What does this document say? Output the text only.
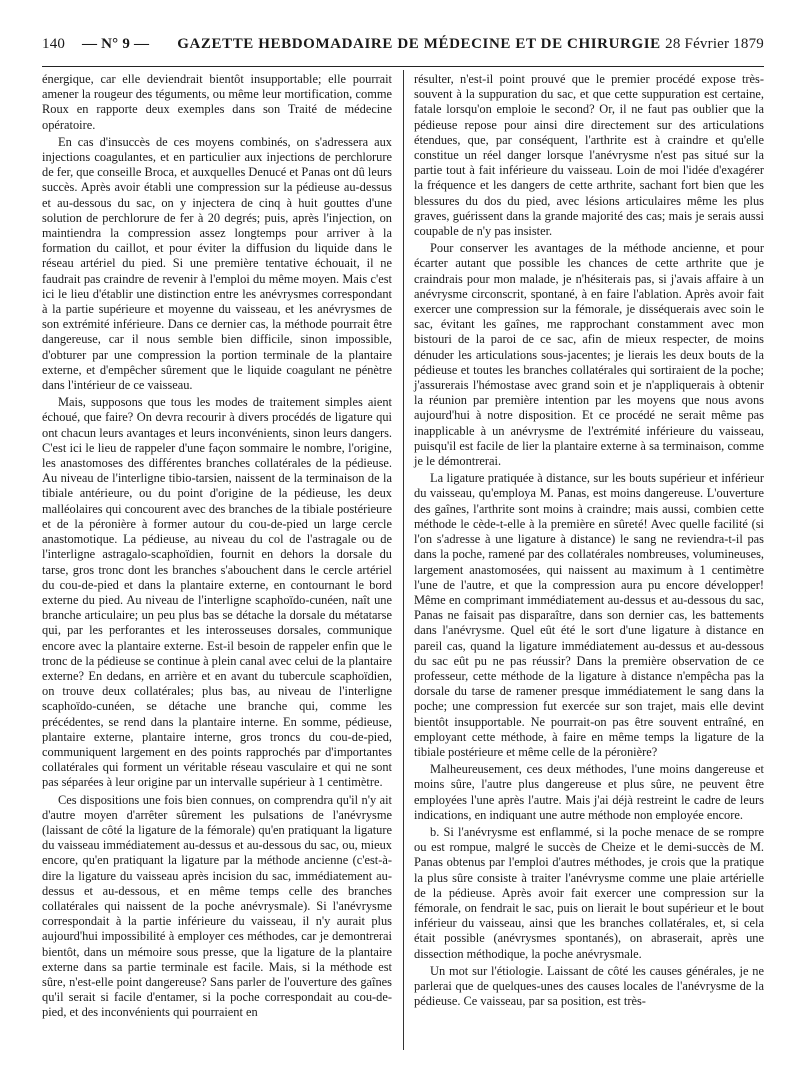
140	— N° 9 — GAZETTE HEBDOMADAIRE DE MÉDECINE ET DE CHIRURGIE 28 Février 1879

énergique, car elle deviendrait bientôt insupportable; elle pourrait amener la rougeur des téguments, ou même leur mortification, comme Roux en rapporte deux exemples dans son Traité de médecine opératoire.

En cas d'insuccès de ces moyens combinés, on s'adressera aux injections coagulantes, et en particulier aux injections de perchlorure de fer, que conseille Broca, et auxquelles Denucé et Panas ont dû leurs succès. Après avoir établi une compression sur la pédieuse au-dessus et au-dessous du sac, on y injectera de cinq à huit gouttes d'une solution de perchlorure de fer à 20 degrés; puis, après l'injection, on maintiendra la compression assez longtemps pour arriver à la formation du caillot, et pour éviter la diffusion du liquide dans le réseau artériel du pied. Si une première tentative échouait, il ne faudrait pas craindre de revenir à l'emploi du même moyen. Mais c'est ici le lieu d'établir une distinction entre les anévrysmes correspondant à la partie supérieure et moyenne du vaisseau, et les anévrysmes de son extrémité inférieure. Dans ce dernier cas, la méthode pourrait être dangereuse, car il nous semble bien difficile, sinon impossible, d'obturer par une compression la portion terminale de la plantaire externe, et d'empêcher sûrement que le liquide coagulant ne pénètre dans l'intérieur de ce vaisseau.

Mais, supposons que tous les modes de traitement simples aient échoué, que faire? On devra recourir à divers procédés de ligature qui ont chacun leurs avantages et leurs inconvénients, sinon leurs dangers. C'est ici le lieu de rappeler d'une façon sommaire le nombre, l'origine, les anastomoses des différentes branches collatérales de la pédieuse. Au niveau de l'interligne tibio-tarsien, naissent de la terminaison de la tibiale antérieure, ou du point d'origine de la pédieuse, les deux malléolaires qui concourent avec des branches de la tibiale postérieure et de la péronière à former autour du cou-de-pied un large cercle anastomotique. La pédieuse, au niveau du col de l'astragale ou de l'interligne astragalo-scaphoïdien, fournit en dehors la dorsale du tarse, gros tronc dont les branches s'abouchent dans le cercle artériel du cou-de-pied et dans la plantaire externe, en contournant le bord externe du pied. Au niveau de l'interligne scaphoïdo-cunéen, naît une branche articulaire; un peu plus bas se détache la dorsale du métatarse qui, par les perforantes et les interosseuses dorsales, communique encore avec la plantaire externe. Est-il besoin de rappeler enfin que le tronc de la pédieuse se continue à plein canal avec celui de la plantaire externe? En dedans, en arrière et en avant du tubercule scaphoïdien, on trouve deux collatérales; plus bas, au niveau de l'interligne scaphoïdo-cunéen, se détache une branche qui, comme les précédentes, se rend dans la plantaire interne. En somme, pédieuse, plantaire externe, plantaire interne, gros troncs du cou-de-pied, communiquent largement en des points rapprochés par d'importantes collatérales qui forment un véritable réseau vasculaire et qui ne sont pas séparées à leur origine par un intervalle supérieur à 1 centimètre.

Ces dispositions une fois bien connues, on comprendra qu'il n'y ait d'autre moyen d'arrêter sûrement les pulsations de l'anévrysme (laissant de côté la ligature de la fémorale) qu'en pratiquant la ligature du vaisseau immédiatement au-dessus et au-dessous du sac, ou, mieux encore, qu'en pratiquant la ligature par la méthode ancienne (c'est-à-dire la ligature du vaisseau après incision du sac, immédiatement au-dessus et au-dessous, et en même temps celle des branches collatérales qui naissent de la poche anévrysmale). Si l'anévrysme correspondait à la partie inférieure du vaisseau, il n'y aurait plus aujourd'hui impossibilité à employer ces méthodes, car je demontrerai bientôt, dans un mémoire sous presse, que la ligature de la plantaire externe dans sa partie terminale est facile. Mais, si la méthode est sûre, n'est-elle point dangereuse? Sans parler de l'ouverture des gaînes qu'il serait si facile d'entamer, si la poche correspondait au cou-de-pied, et des inconvénients qui pourraient en

résulter, n'est-il point prouvé que le premier procédé expose très-souvent à la suppuration du sac, et que cette suppuration est certaine, fatale lorsqu'on emploie le second? Or, il ne faut pas oublier que la pédieuse repose pour ainsi dire directement sur des articulations étendues, que, par conséquent, l'arthrite est à craindre et qu'elle constitue un réel danger lorsque l'anévrysme n'est pas situé sur la partie tout à fait inférieure du vaisseau. Loin de moi l'idée d'exagérer la fréquence et les dangers de cette arthrite, sachant fort bien que les blessures du dos du pied, avec lésions articulaires même les plus graves, guérissent dans la grande majorité des cas; mais je serais aussi coupable de n'y pas insister.

Pour conserver les avantages de la méthode ancienne, et pour écarter autant que possible les chances de cette arthrite que je craindrais pour mon malade, je n'hésiterais pas, si j'avais affaire à un anévrysme circonscrit, spontané, à en faire l'ablation. Après avoir fait exercer une compression sur la fémorale, je disséquerais avec soin le sac, évitant les gaînes, me rapprochant constamment avec mon bistouri de la paroi de ce sac, afin de mieux respecter, de moins dénuder les articulations sous-jacentes; je lierais les deux bouts de la pédieuse et toutes les branches collatérales qui sortiraient de la poche; j'assurerais l'hémostase avec grand soin et je n'appliquerais à obtenir la réunion par première intention par les moyens que nous avons aujourd'hui à notre disposition. Et ce procédé ne serait même pas inapplicable à un anévrysme de l'extrémité inférieure du vaisseau, puisqu'il est facile de lier la plantaire externe à sa terminaison, comme je le démontrerai.

La ligature pratiquée à distance, sur les bouts supérieur et inférieur du vaisseau, qu'employa M. Panas, est moins dangereuse. L'ouverture des gaînes, l'arthrite sont moins à craindre; mais aussi, combien cette méthode le cède-t-elle à la première en sûreté! Avec quelle facilité (si l'on s'adresse à une ligature à distance) le sang ne reviendra-t-il pas dans la poche, ramené par des collatérales nombreuses, volumineuses, largement anastomosées, qui naissent au maximum à 1 centimètre l'une de l'autre, et que la compression aura pu encore développer! Même en comprimant immédiatement au-dessus et au-dessous du sac, Panas ne faisait pas disparaître, dans son dernier cas, les battements dans l'anévrysme. Quel eût été le sort d'une ligature à distance en pareil cas, quand la ligature immédiatement au-dessus et au-dessous du sac eût pu ne pas réussir? Dans la première observation de ce professeur, cette méthode de la ligature à distance n'empêcha pas la dorsale du tarse de ramener presque immédiatement le sang dans la poche; une compression fut exercée sur son trajet, mais elle devint bientôt insupportable. Ne pourrait-on pas être souvent entraîné, en employant cette méthode, à faire en même temps la ligature de la tibiale postérieure et même celle de la péronière?

Malheureusement, ces deux méthodes, l'une moins dangereuse et moins sûre, l'autre plus dangereuse et plus sûre, ne peuvent être employées l'une après l'autre. Mais j'ai déjà restreint le cadre de leurs indications, en indiquant une autre méthode non employée encore.

b. Si l'anévrysme est enflammé, si la poche menace de se rompre ou est rompue, malgré le succès de Cheize et le demi-succès de M. Panas obtenus par l'emploi d'autres méthodes, je crois que la pratique la plus sûre consiste à traiter l'anévrysme comme une plaie artérielle de la pédieuse. Après avoir fait exercer une compression sur la fémorale, on fendrait le sac, puis on lierait le bout supérieur et le bout inférieur du vaisseau, ainsi que les branches collatérales, et, si cela était possible (anévrysmes spontanés), on abraserait, après une dissection méthodique, la poche anévrysmale.

Un mot sur l'étiologie. Laissant de côté les causes générales, je ne parlerai que de quelques-unes des causes locales de l'anévrysme de la pédieuse. Ce vaisseau, par sa position, est très-
